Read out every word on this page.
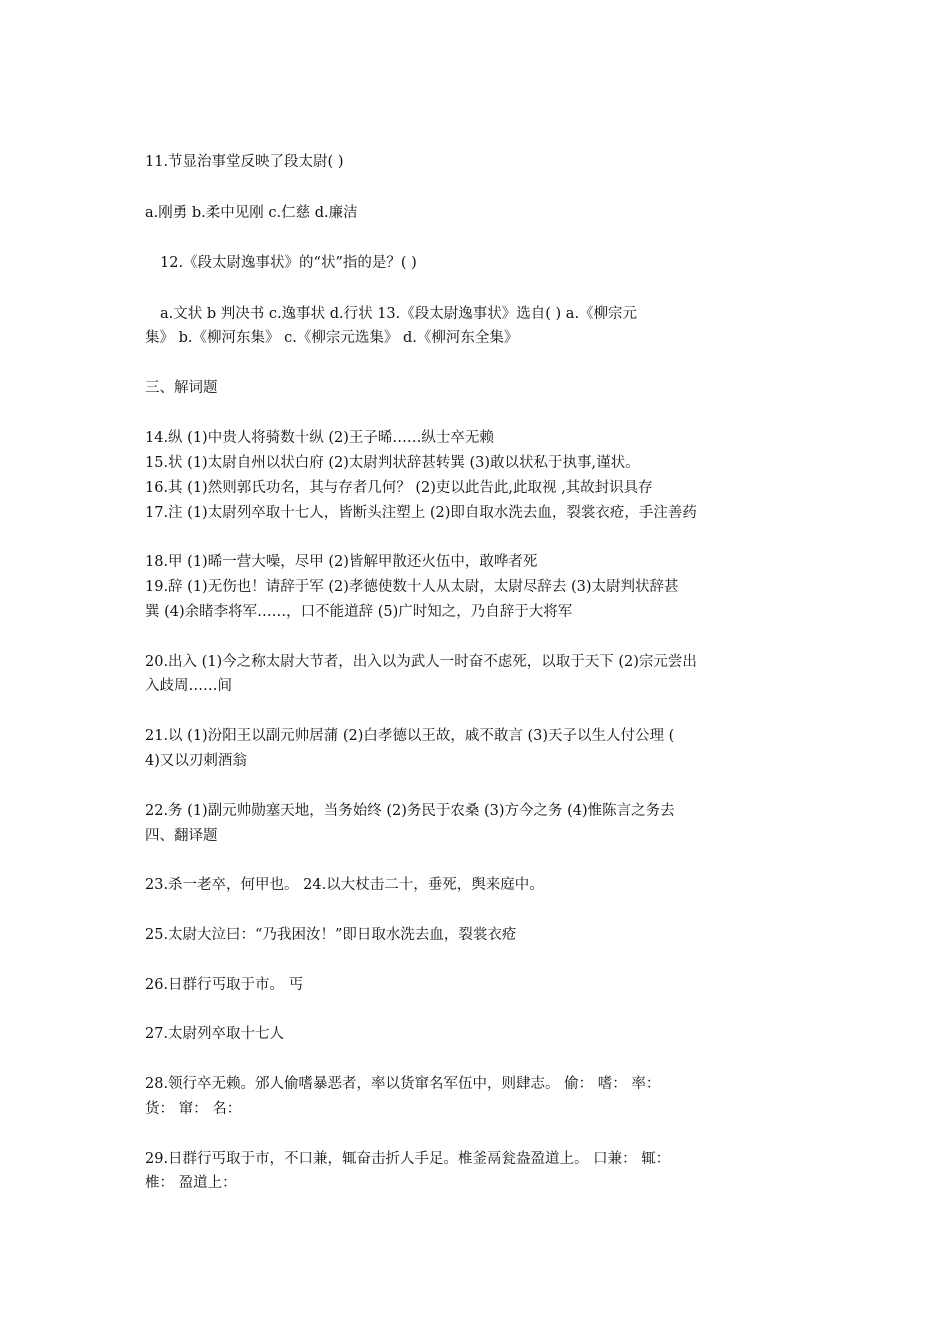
11.节显治事堂反映了段太尉( )
a.刚勇 b.柔中见刚 c.仁慈 d.廉洁
12.《段太尉逸事状》的“状”指的是？( )
a.文状 b 判决书 c.逸事状 d.行状 13.《段太尉逸事状》选自( ) a.《柳宗元
集》 b.《柳河东集》 c.《柳宗元选集》 d.《柳河东全集》
三、解词题
14.纵 (1)中贵人将骑数十纵 (2)王子晞……纵士卒无赖
15.状 (1)太尉自州以状白府 (2)太尉判状辞甚转巽 (3)敢以状私于执事,谨状。
16.其 (1)然则郭氏功名，其与存者几何？ (2)吏以此告此,此取视 ,其故封识具存
17.注 (1)太尉列卒取十七人，皆断头注塑上 (2)即自取水洗去血，裂裳衣疮，手注善药
18.甲 (1)晞一营大噪，尽甲 (2)皆解甲散还火伍中，敢哗者死
19.辞 (1)无伤也！请辞于军 (2)孝德使数十人从太尉，太尉尽辞去 (3)太尉判状辞甚
巽 (4)余睹李将军……，口不能道辞 (5)广时知之，乃自辞于大将军
20.出入 (1)今之称太尉大节者，出入以为武人一时奋不虑死，以取于天下 (2)宗元尝出
入歧周……间
21.以 (1)汾阳王以副元帅居蒲 (2)白孝德以王故，戚不敢言 (3)天子以生人付公理 (
4)又以刃刺酒翁
22.务 (1)副元帅勋塞天地，当务始终 (2)务民于农桑 (3)方今之务 (4)惟陈言之务去
四、翻译题
23.杀一老卒，何甲也。 24.以大杖击二十，垂死，舆来庭中。
25.太尉大泣曰：“乃我困汝！”即日取水洗去血，裂裳衣疮
26.日群行丐取于市。 丐
27.太尉列卒取十七人
28.领行卒无赖。邠人偷嗜暴恶者，率以货窜名军伍中，则肆志。 偷： 嗜： 率：
货： 窜： 名：
29.日群行丐取于市，不口兼，辄奋击折人手足。椎釜鬲瓮盎盈道上。 口兼： 辄：
椎： 盈道上：
